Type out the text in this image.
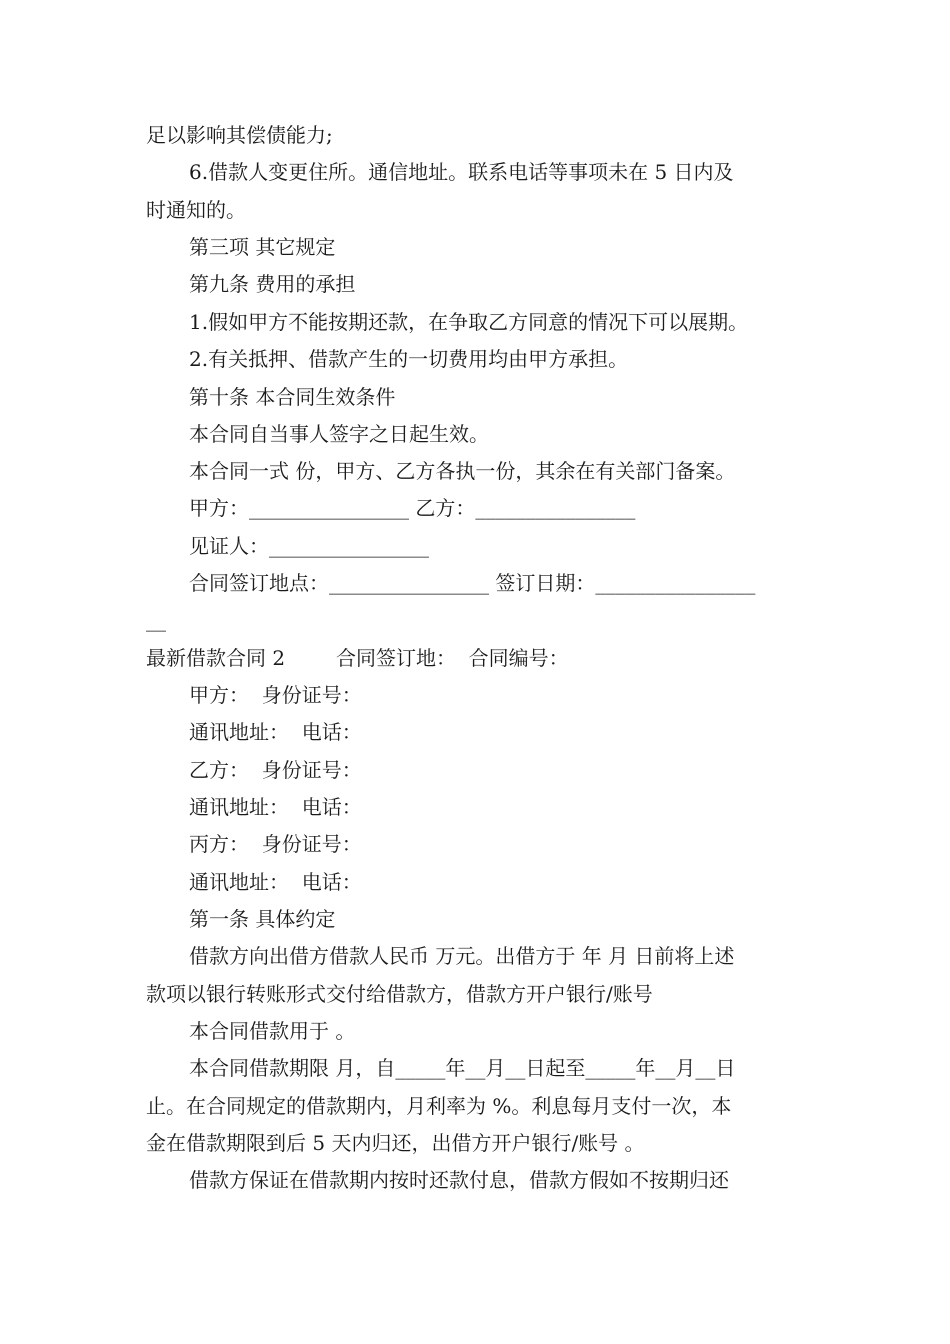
足以影响其偿债能力;
6.借款人变更住所。通信地址。联系电话等事项未在 5 日内及
时通知的。
第三项 其它规定
第九条 费用的承担
1.假如甲方不能按期还款，在争取乙方同意的情况下可以展期。
2.有关抵押、借款产生的一切费用均由甲方承担。
第十条 本合同生效条件
本合同自当事人签字之日起生效。
本合同一式 份，甲方、乙方各执一份，其余在有关部门备案。
甲方：________________ 乙方：________________
见证人：________________
合同签订地点：________________ 签订日期：________________
__
最新借款合同 2        合同签订地：  合同编号：
甲方：  身份证号：
通讯地址：  电话：
乙方：  身份证号：
通讯地址：  电话：
丙方：  身份证号：
通讯地址：  电话：
第一条 具体约定
借款方向出借方借款人民币 万元。出借方于 年 月 日前将上述
款项以银行转账形式交付给借款方，借款方开户银行/账号
本合同借款用于 。
本合同借款期限 月，自_____年__月__日起至_____年__月__日
止。在合同规定的借款期内，月利率为 %。利息每月支付一次，本
金在借款期限到后 5 天内归还，出借方开户银行/账号 。
借款方保证在借款期内按时还款付息，借款方假如不按期归还
